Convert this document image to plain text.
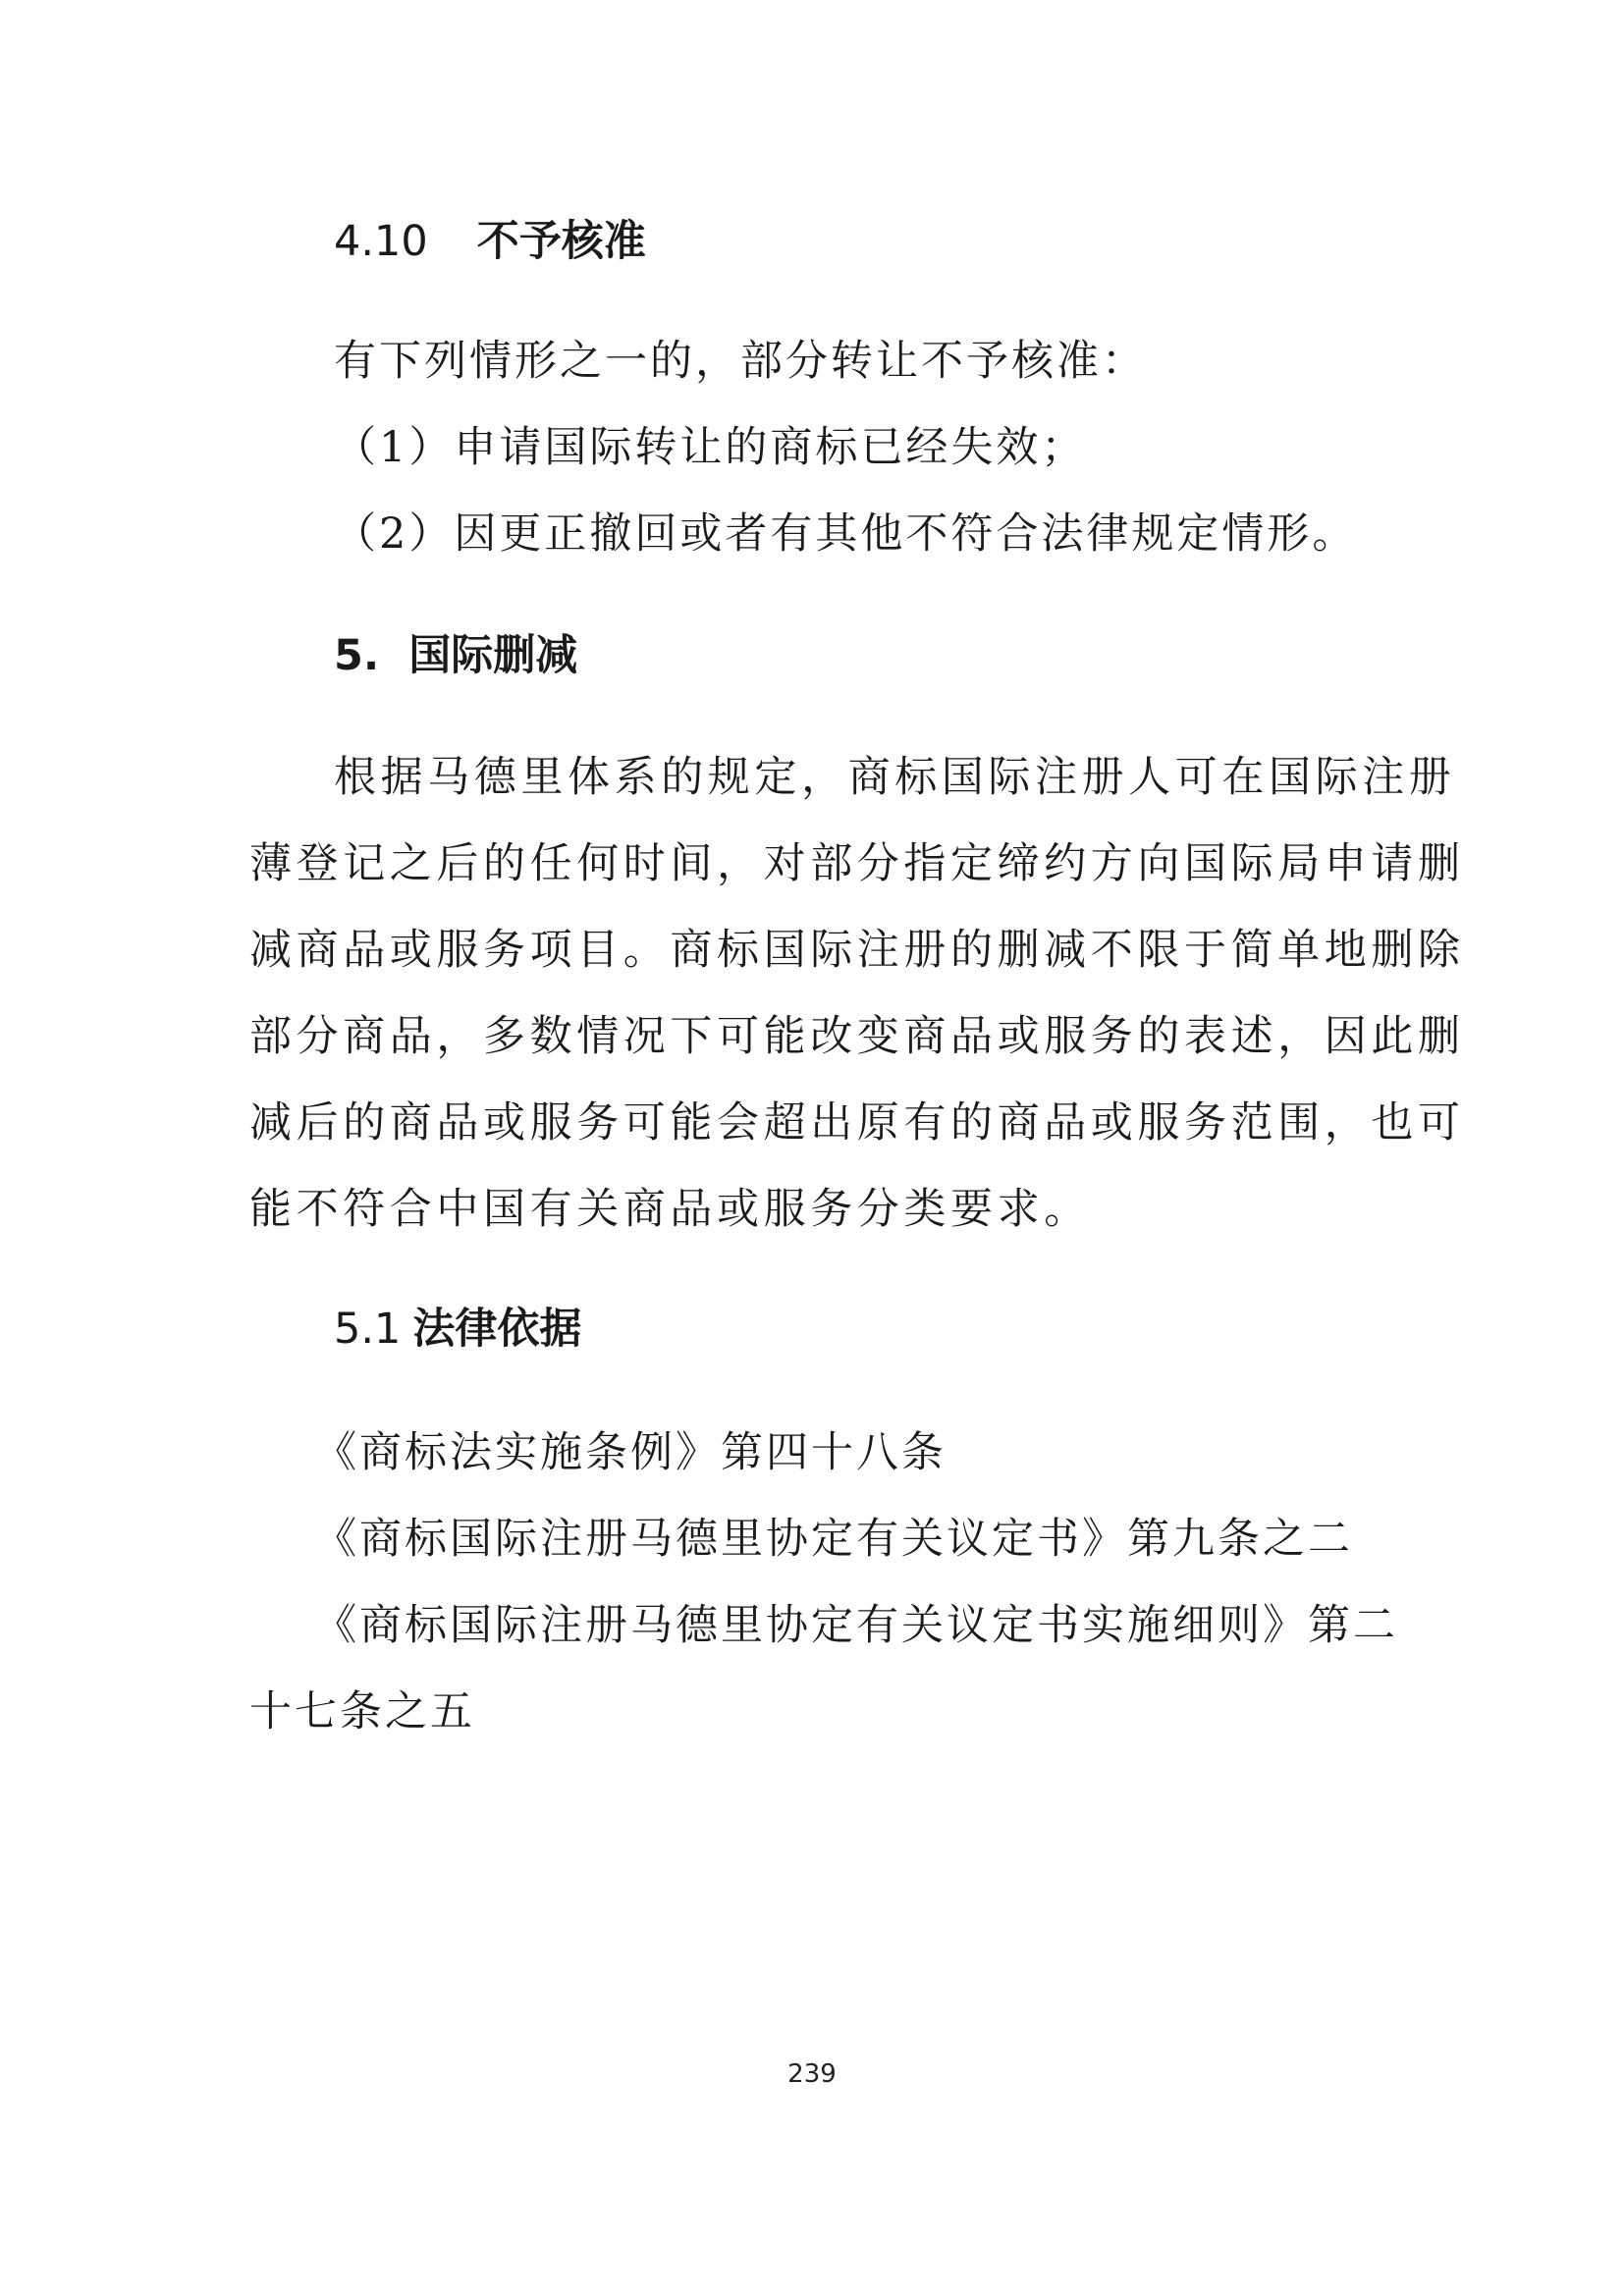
4.10 不予核准

有下列情形之一的，部分转让不予核准：

（1）申请国际转让的商标已经失效；

（2）因更正撤回或者有其他不符合法律规定情形。

5. 国际删减

根据马德里体系的规定，商标国际注册人可在国际注册

薄登记之后的任何时间，对部分指定缔约方向国际局申请删

减商品或服务项目。商标国际注册的删减不限于简单地删除

部分商品，多数情况下可能改变商品或服务的表述，因此删

减后的商品或服务可能会超出原有的商品或服务范围，也可

能不符合中国有关商品或服务分类要求。

5.1 法律依据

《商标法实施条例》第四十八条

《商标国际注册马德里协定有关议定书》第九条之二

《商标国际注册马德里协定有关议定书实施细则》第二

十七条之五

239
